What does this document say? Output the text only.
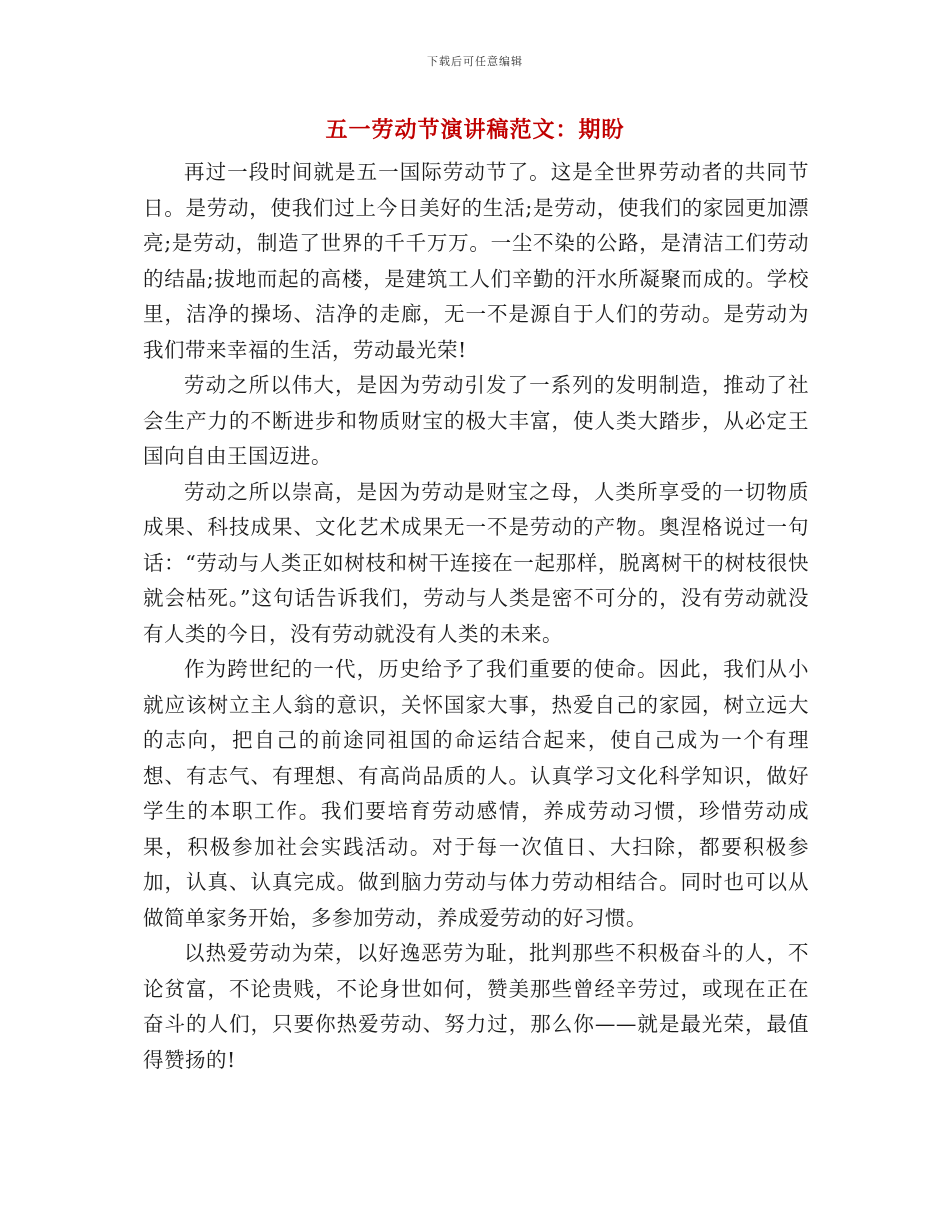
下载后可任意编辑
五一劳动节演讲稿范文：期盼

再过一段时间就是五一国际劳动节了。这是全世界劳动者的共同节日。是劳动，使我们过上今日美好的生活;是劳动，使我们的家园更加漂亮;是劳动，制造了世界的千千万万。一尘不染的公路，是清洁工们劳动的结晶;拔地而起的高楼，是建筑工人们辛勤的汗水所凝聚而成的。学校里，洁净的操场、洁净的走廊，无一不是源自于人们的劳动。是劳动为我们带来幸福的生活，劳动最光荣!

劳动之所以伟大，是因为劳动引发了一系列的发明制造，推动了社会生产力的不断进步和物质财宝的极大丰富，使人类大踏步，从必定王国向自由王国迈进。

劳动之所以崇高，是因为劳动是财宝之母，人类所享受的一切物质成果、科技成果、文化艺术成果无一不是劳动的产物。奥涅格说过一句话：“劳动与人类正如树枝和树干连接在一起那样，脱离树干的树枝很快就会枯死。”这句话告诉我们，劳动与人类是密不可分的，没有劳动就没有人类的今日，没有劳动就没有人类的未来。

作为跨世纪的一代，历史给予了我们重要的使命。因此，我们从小就应该树立主人翁的意识，关怀国家大事，热爱自己的家园，树立远大的志向，把自己的前途同祖国的命运结合起来，使自己成为一个有理想、有志气、有理想、有高尚品质的人。认真学习文化科学知识，做好学生的本职工作。我们要培育劳动感情，养成劳动习惯，珍惜劳动成果，积极参加社会实践活动。对于每一次值日、大扫除，都要积极参加，认真、认真完成。做到脑力劳动与体力劳动相结合。同时也可以从做简单家务开始，多参加劳动，养成爱劳动的好习惯。

以热爱劳动为荣，以好逸恶劳为耻，批判那些不积极奋斗的人，不论贫富，不论贵贱，不论身世如何，赞美那些曾经辛劳过，或现在正在奋斗的人们，只要你热爱劳动、努力过，那么你——就是最光荣，最值得赞扬的!
